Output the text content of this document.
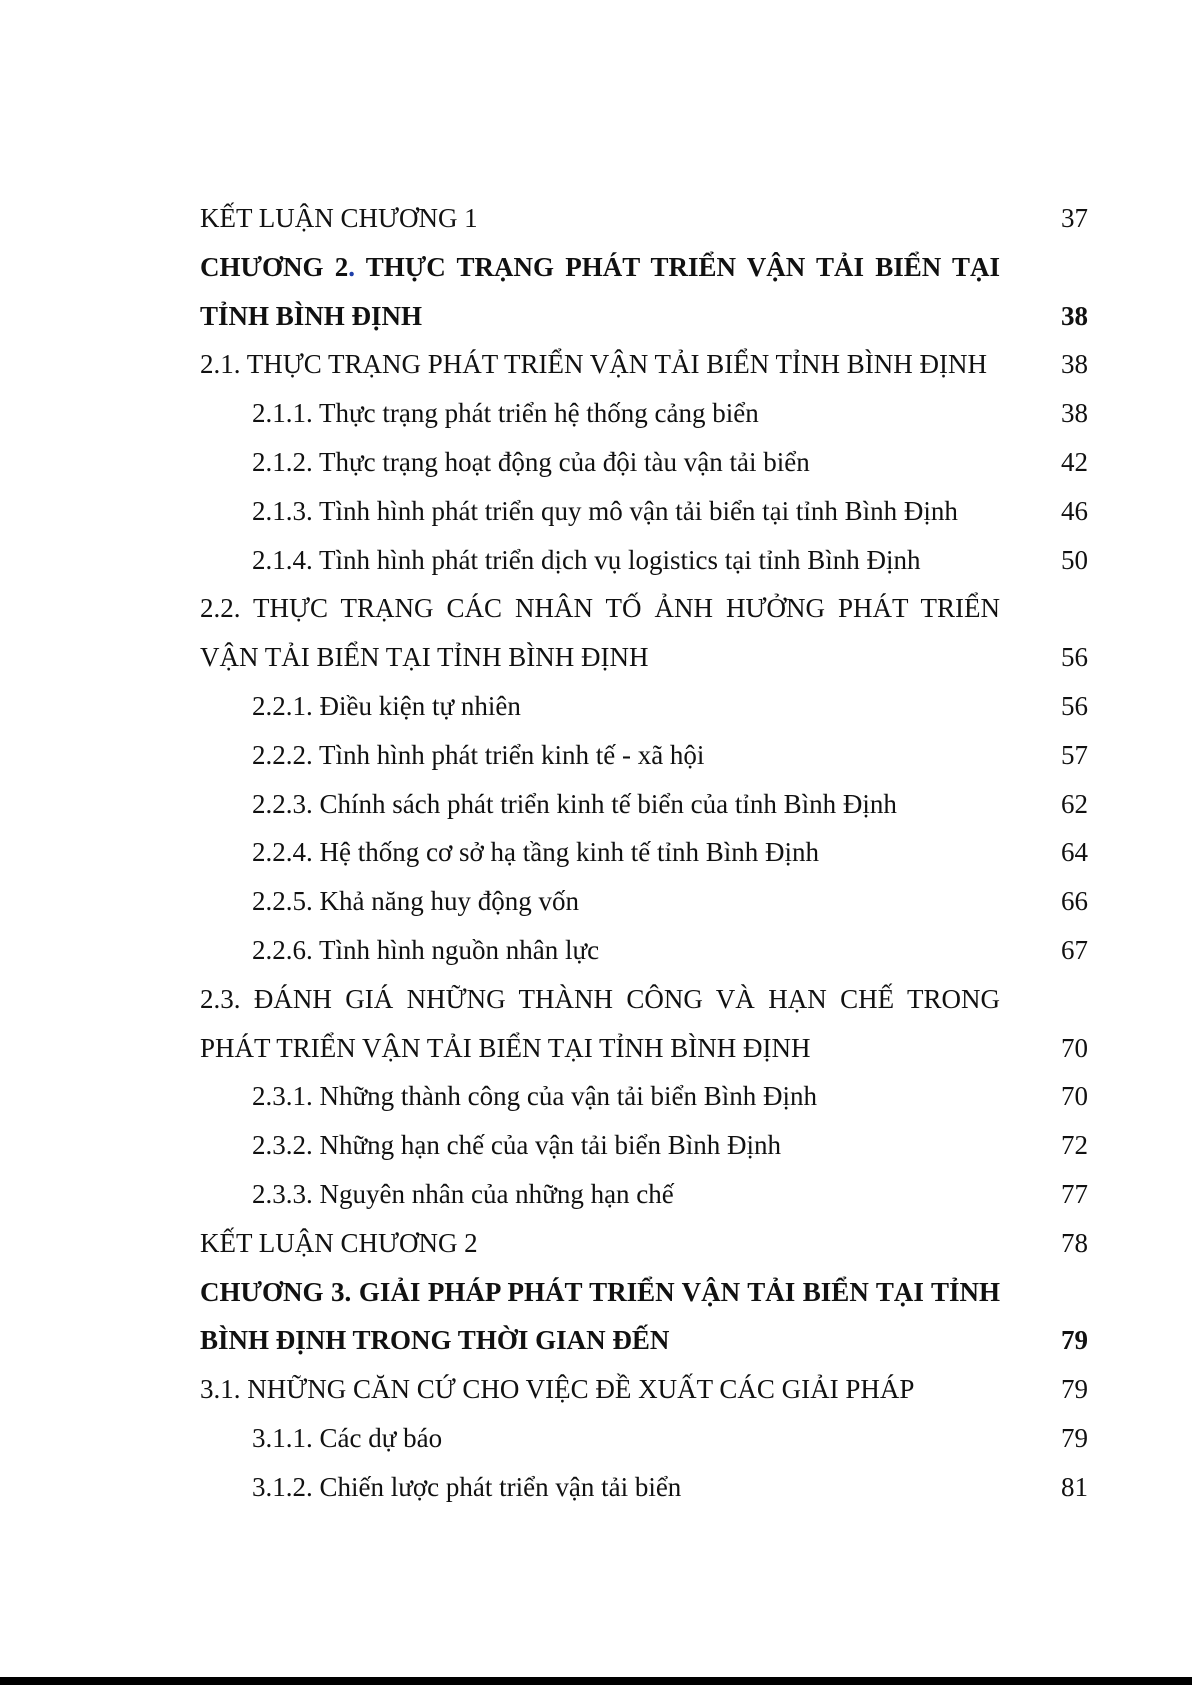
KẾT LUẬN CHƯƠNG 1	37
CHƯƠNG 2. THỰC TRẠNG PHÁT TRIỂN VẬN TẢI BIỂN TẠI
TỈNH BÌNH ĐỊNH	38
2.1. THỰC TRẠNG PHÁT TRIỂN VẬN TẢI BIỂN TỈNH BÌNH ĐỊNH	38
2.1.1. Thực trạng phát triển hệ thống cảng biển	38
2.1.2. Thực trạng hoạt động của đội tàu vận tải biển	42
2.1.3. Tình hình phát triển quy mô vận tải biển tại tỉnh Bình Định	46
2.1.4. Tình hình phát triển dịch vụ logistics tại tỉnh Bình Định	50
2.2. THỰC TRẠNG CÁC NHÂN TỐ ẢNH HƯỞNG PHÁT TRIỂN
VẬN TẢI BIỂN TẠI TỈNH BÌNH ĐỊNH	56
2.2.1. Điều kiện tự nhiên	56
2.2.2. Tình hình phát triển kinh tế - xã hội	57
2.2.3. Chính sách phát triển kinh tế biển của tỉnh Bình Định	62
2.2.4. Hệ thống cơ sở hạ tầng kinh tế tỉnh Bình Định	64
2.2.5. Khả năng huy động vốn	66
2.2.6. Tình hình nguồn nhân lực	67
2.3. ĐÁNH GIÁ NHỮNG THÀNH CÔNG VÀ HẠN CHẾ TRONG
PHÁT TRIỂN VẬN TẢI BIỂN TẠI TỈNH BÌNH ĐỊNH	70
2.3.1. Những thành công của vận tải biển Bình Định	70
2.3.2. Những hạn chế của vận tải biển Bình Định	72
2.3.3. Nguyên nhân của những hạn chế	77
KẾT LUẬN CHƯƠNG 2	78
CHƯƠNG 3. GIẢI PHÁP PHÁT TRIỂN VẬN TẢI BIỂN TẠI TỈNH
BÌNH ĐỊNH TRONG THỜI GIAN ĐẾN	79
3.1. NHỮNG CĂN CỨ CHO VIỆC ĐỀ XUẤT CÁC GIẢI PHÁP	79
3.1.1. Các dự báo	79
3.1.2. Chiến lược phát triển vận tải biển	81
